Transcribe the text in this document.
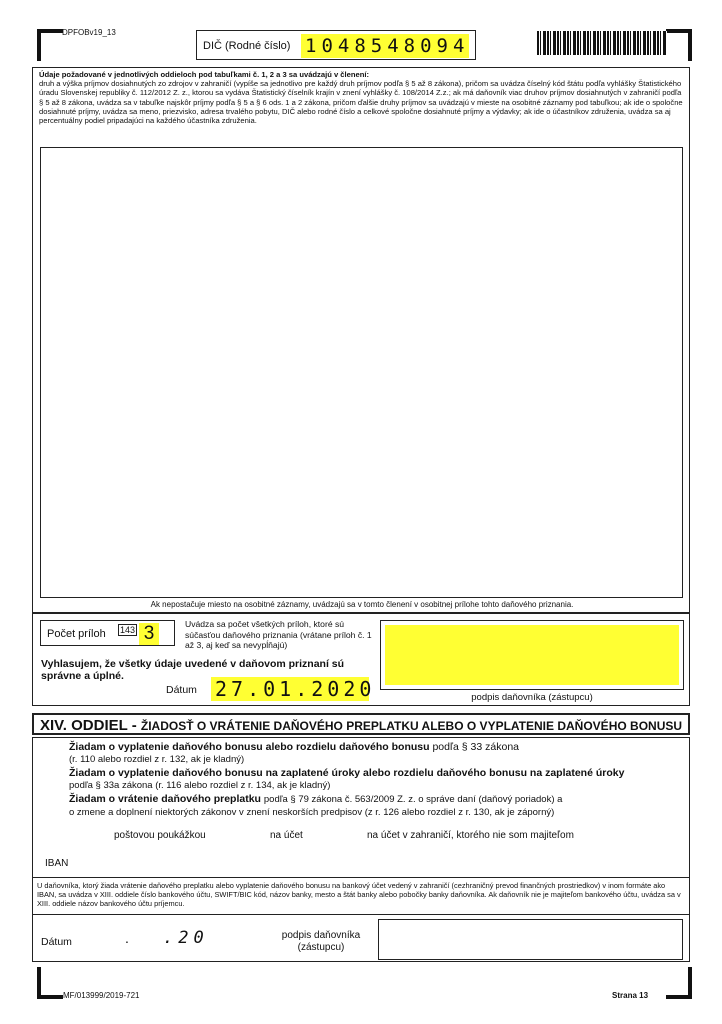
DPFOBv19_13
DIČ (Rodné číslo) 1048548094
Údaje požadované v jednotlivých oddieloch pod tabuľkami č. 1, 2 a 3 sa uvádzajú v členení:
druh a výška príjmov dosiahnutých zo zdrojov v zahraničí (vypíše sa jednotlivo pre každý druh príjmov podľa § 5 až 8 zákona), pričom sa uvádza číselný kód štátu podľa vyhlášky Štatistického úradu Slovenskej republiky č. 112/2012 Z. z., ktorou sa vydáva Štatistický číselník krajín v znení vyhlášky č. 108/2014 Z.z.; ak má daňovník viac druhov príjmov dosiahnutých v zahraničí podľa § 5 až 8 zákona, uvádza sa v tabuľke najskôr príjmy podľa § 5 a § 6 ods. 1 a 2 zákona, pričom ďalšie druhy príjmov sa uvádzajú v mieste na osobitné záznamy pod tabuľkou; ak ide o spoločne dosiahnuté príjmy, uvádza sa meno, priezvisko, adresa trvalého pobytu, DIČ alebo rodné číslo a celkové spoločne dosiahnuté príjmy a výdavky; ak ide o účastníkov združenia, uvádza sa aj percentuálny podiel pripadajúci na každého účastníka združenia.
Ak nepostačuje miesto na osobitné záznamy, uvádzajú sa v tomto členení v osobitnej prílohe tohto daňového priznania.
Počet príloh 143 3	Uvádza sa počet všetkých príloh, ktoré sú súčasťou daňového priznania (vrátane príloh č. 1 až 3, aj keď sa nevypĺňajú)
Vyhlasujem, že všetky údaje uvedené v daňovom priznaní sú správne a úplné.
Dátum 27.01.2020	podpis daňovníka (zástupcu)
XIV. ODDIEL - ŽIADOSŤ O VRÁTENIE DAŇOVÉHO PREPLATKU ALEBO O VYPLATENIE DAŇOVÉHO BONUSU
Žiadam o vyplatenie daňového bonusu alebo rozdielu daňového bonusu podľa § 33 zákona
(r. 110 alebo rozdiel z r. 132, ak je kladný)
Žiadam o vyplatenie daňového bonusu na zaplatené úroky alebo rozdielu daňového bonusu na zaplatené úroky
podľa § 33a zákona (r. 116 alebo rozdiel z r. 134, ak je kladný)
Žiadam o vrátenie daňového preplatku podľa § 79 zákona č. 563/2009 Z. z. o správe daní (daňový poriadok) a
o zmene a doplnení niektorých zákonov v znení neskorších predpisov (z r. 126 alebo rozdiel z r. 130, ak je záporný)
poštovou poukážkou	na účet	na účet v zahraničí, ktorého nie som majiteľom
IBAN
U daňovníka, ktorý žiada vrátenie daňového preplatku alebo vyplatenie daňového bonusu na bankový účet vedený v zahraničí (cezhraničný prevod finančných prostriedkov) v inom formáte ako IBAN, sa uvádza v XIII. oddiele číslo bankového účtu, SWIFT/BIC kód, názov banky, mesto a štát banky alebo pobočky banky daňovníka. Ak daňovník nie je majiteľom bankového účtu, uvádza sa v XIII. oddiele názov bankového účtu príjemcu.
Dátum	. .20	podpis daňovníka (zástupcu)
MF/013999/2019-721	Strana 13
